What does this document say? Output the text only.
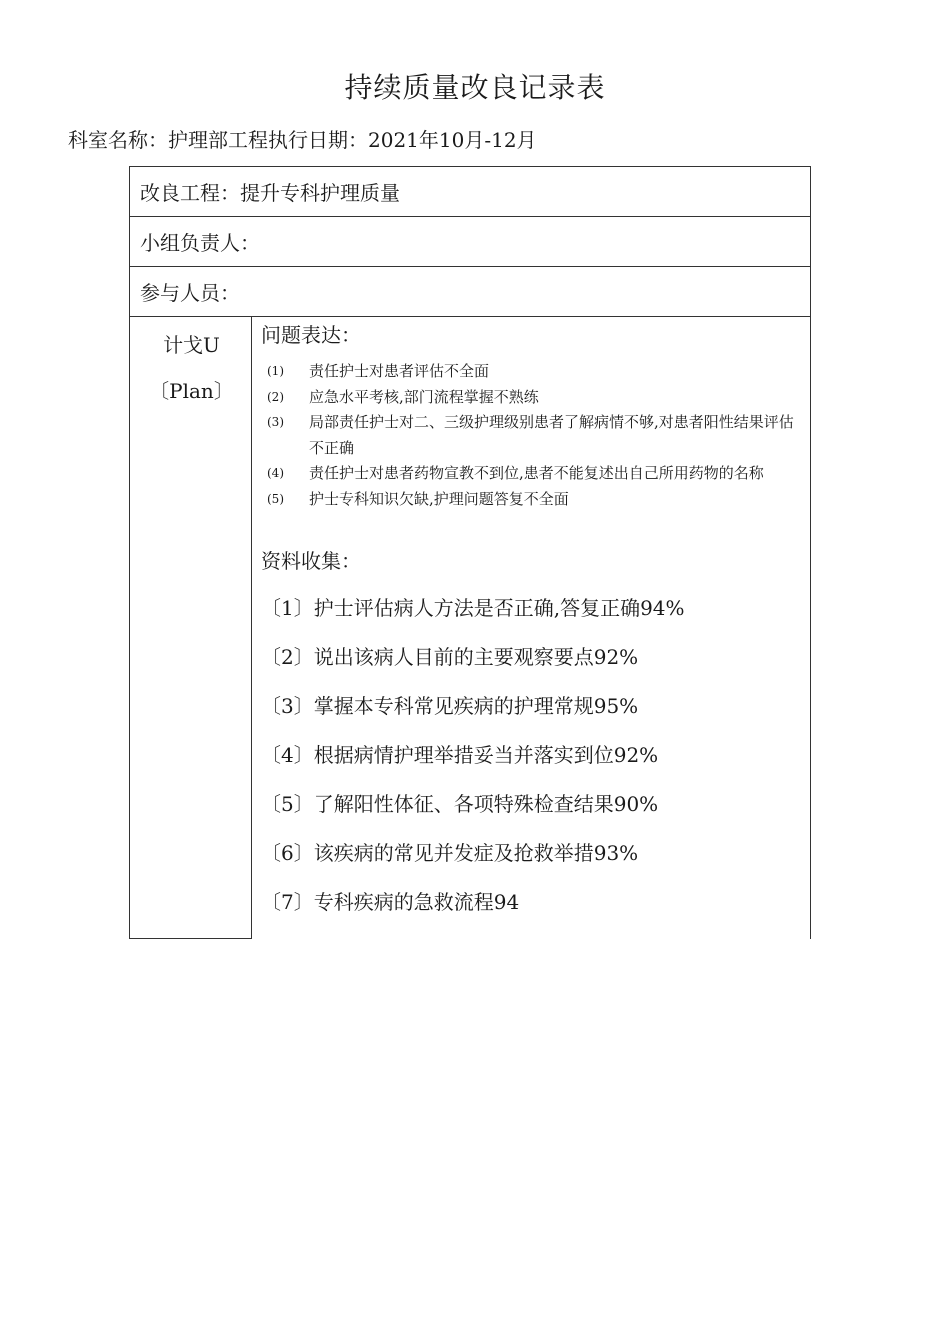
持续质量改良记录表
科室名称：护理部工程执行日期：2021年10月-12月
改良工程：提升专科护理质量
小组负责人：
参与人员：
计戈U
〔Plan〕
问题表达：
(1) 责任护士对患者评估不全面
(2) 应急水平考核,部门流程掌握不熟练
(3) 局部责任护士对二、三级护理级别患者了解病情不够,对患者阳性结果评估不正确
(4) 责任护士对患者药物宣教不到位,患者不能复述出自己所用药物的名称
(5) 护士专科知识欠缺,护理问题答复不全面
资料收集：
〔1〕护士评估病人方法是否正确,答复正确94%
〔2〕说出该病人目前的主要观察要点92%
〔3〕掌握本专科常见疾病的护理常规95%
〔4〕根据病情护理举措妥当并落实到位92%
〔5〕了解阳性体征、各项特殊检查结果90%
〔6〕该疾病的常见并发症及抢救举措93%
〔7〕专科疾病的急救流程94
